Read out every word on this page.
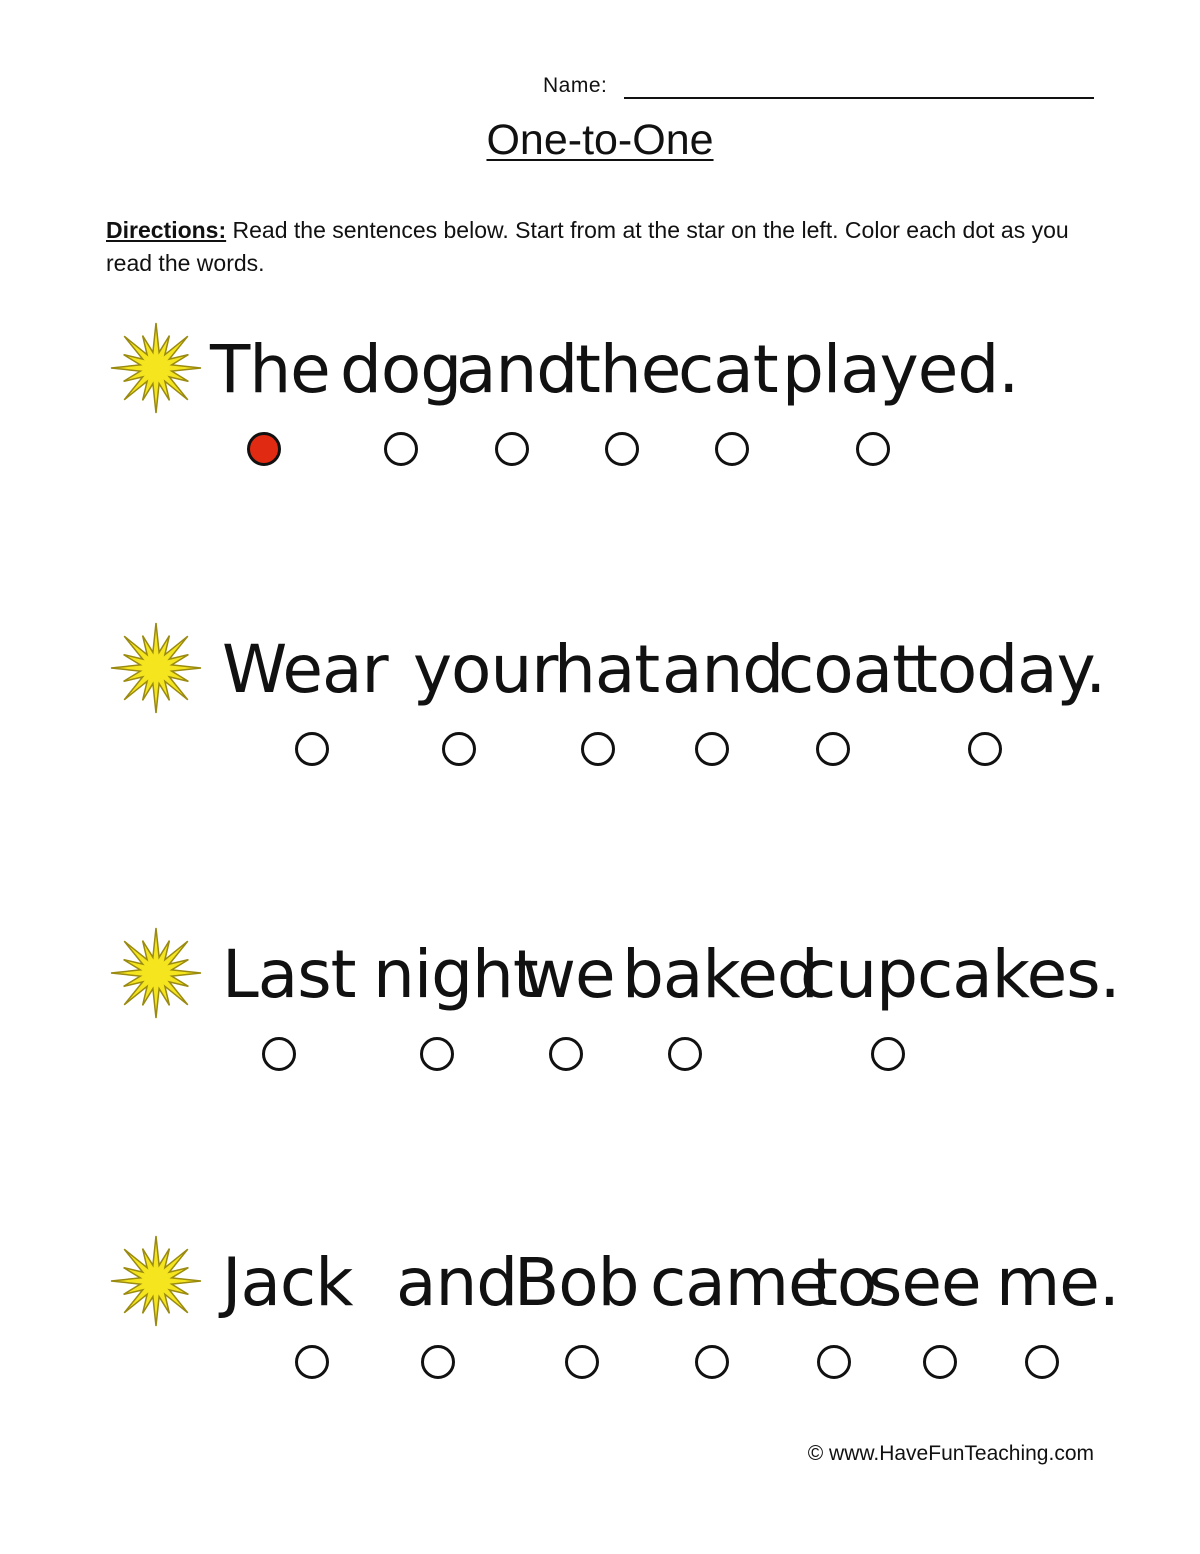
Name:
One-to-One
Directions: Read the sentences below. Start from at the star on the left. Color each dot as you read the words.
The dog
and
the
cat played.
Wear your
hat and
coat
today.
Last night
we baked
cupcakes.
Jack and
Bob came
to
see me.
© www.HaveFunTeaching.com
